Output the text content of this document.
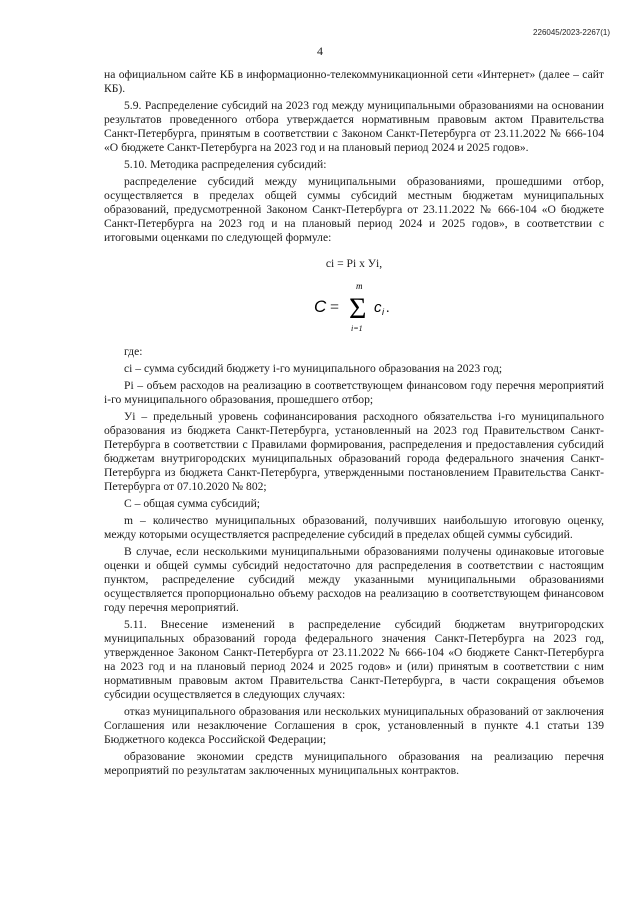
226045/2023-2267(1)
4

на официальном сайте КБ в информационно-телекоммуникационной сети «Интернет» (далее – сайт КБ).

5.9. Распределение субсидий на 2023 год между муниципальными образованиями на основании результатов проведенного отбора утверждается нормативным правовым актом Правительства Санкт-Петербурга, принятым в соответствии с Законом Санкт-Петербурга от 23.11.2022 № 666-104 «О бюджете Санкт-Петербурга на 2023 год и на плановый период 2024 и 2025 годов».

5.10. Методика распределения субсидий:

распределение субсидий между муниципальными образованиями, прошедшими отбор, осуществляется в пределах общей суммы субсидий местным бюджетам муниципальных образований, предусмотренной Законом Санкт-Петербурга от 23.11.2022 № 666-104 «О бюджете Санкт-Петербурга на 2023 год и на плановый период 2024 и 2025 годов», в соответствии с итоговыми оценками по следующей формуле:

ci = Pi x Уi,
C = Σ
m
i=1
c i .

где:

ci – сумма субсидий бюджету i-го муниципального образования на 2023 год;

Pi – объем расходов на реализацию в соответствующем финансовом году перечня мероприятий i-го муниципального образования, прошедшего отбор;

Уi – предельный уровень софинансирования расходного обязательства i-го муниципального образования из бюджета Санкт-Петербурга, установленный на 2023 год Правительством Санкт-Петербурга в соответствии с Правилами формирования, распределения и предоставления субсидий бюджетам внутригородских муниципальных образований города федерального значения Санкт-Петербурга из бюджета Санкт-Петербурга, утвержденными постановлением Правительства Санкт-Петербурга от 07.10.2020 № 802;

С – общая сумма субсидий;

m – количество муниципальных образований, получивших наибольшую итоговую оценку, между которыми осуществляется распределение субсидий в пределах общей суммы субсидий.

В случае, если несколькими муниципальными образованиями получены одинаковые итоговые оценки и общей суммы субсидий недостаточно для распределения в соответствии с настоящим пунктом, распределение субсидий между указанными муниципальными образованиями осуществляется пропорционально объему расходов на реализацию в соответствующем финансовом году перечня мероприятий.

5.11. Внесение изменений в распределение субсидий бюджетам внутригородских муниципальных образований города федерального значения Санкт-Петербурга на 2023 год, утвержденное Законом Санкт-Петербурга от 23.11.2022 № 666-104 «О бюджете Санкт-Петербурга на 2023 год и на плановый период 2024 и 2025 годов» и (или) принятым в соответствии с ним нормативным правовым актом Правительства Санкт-Петербурга, в части сокращения объемов субсидии осуществляется в следующих случаях:

отказ муниципального образования или нескольких муниципальных образований от заключения Соглашения или незаключение Соглашения в срок, установленный в пункте 4.1 статьи 139 Бюджетного кодекса Российской Федерации;

образование экономии средств муниципального образования на реализацию перечня мероприятий по результатам заключенных муниципальных контрактов.
